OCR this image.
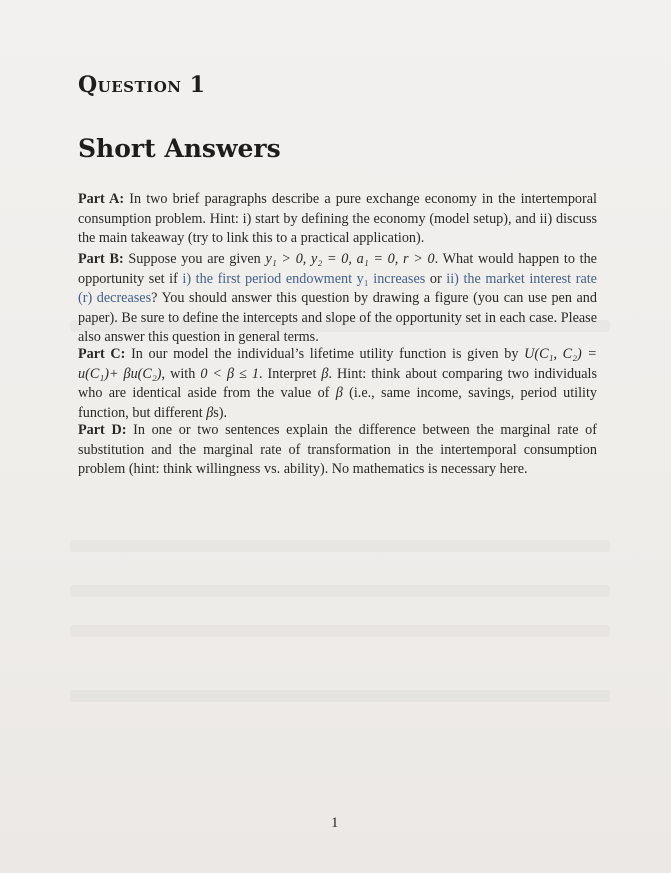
Question 1
Short Answers
Part A: In two brief paragraphs describe a pure exchange economy in the intertemporal consumption problem. Hint: i) start by defining the economy (model setup), and ii) discuss the main takeaway (try to link this to a practical application).
Part B: Suppose you are given y₁ > 0, y₂ = 0, a₁ = 0, r > 0. What would happen to the opportunity set if i) the first period endowment y₁ increases or ii) the market interest rate (r) decreases? You should answer this question by drawing a figure (you can use pen and paper). Be sure to define the intercepts and slope of the opportunity set in each case. Please also answer this question in general terms.
Part C: In our model the individual’s lifetime utility function is given by U(C₁, C₂) = u(C₁)+ βu(C₂), with 0 < β ≤ 1. Interpret β. Hint: think about comparing two individuals who are identical aside from the value of β (i.e., same income, savings, period utility function, but different βs).
Part D: In one or two sentences explain the difference between the marginal rate of substitution and the marginal rate of transformation in the intertemporal consumption problem (hint: think willingness vs. ability). No mathematics is necessary here.
1
